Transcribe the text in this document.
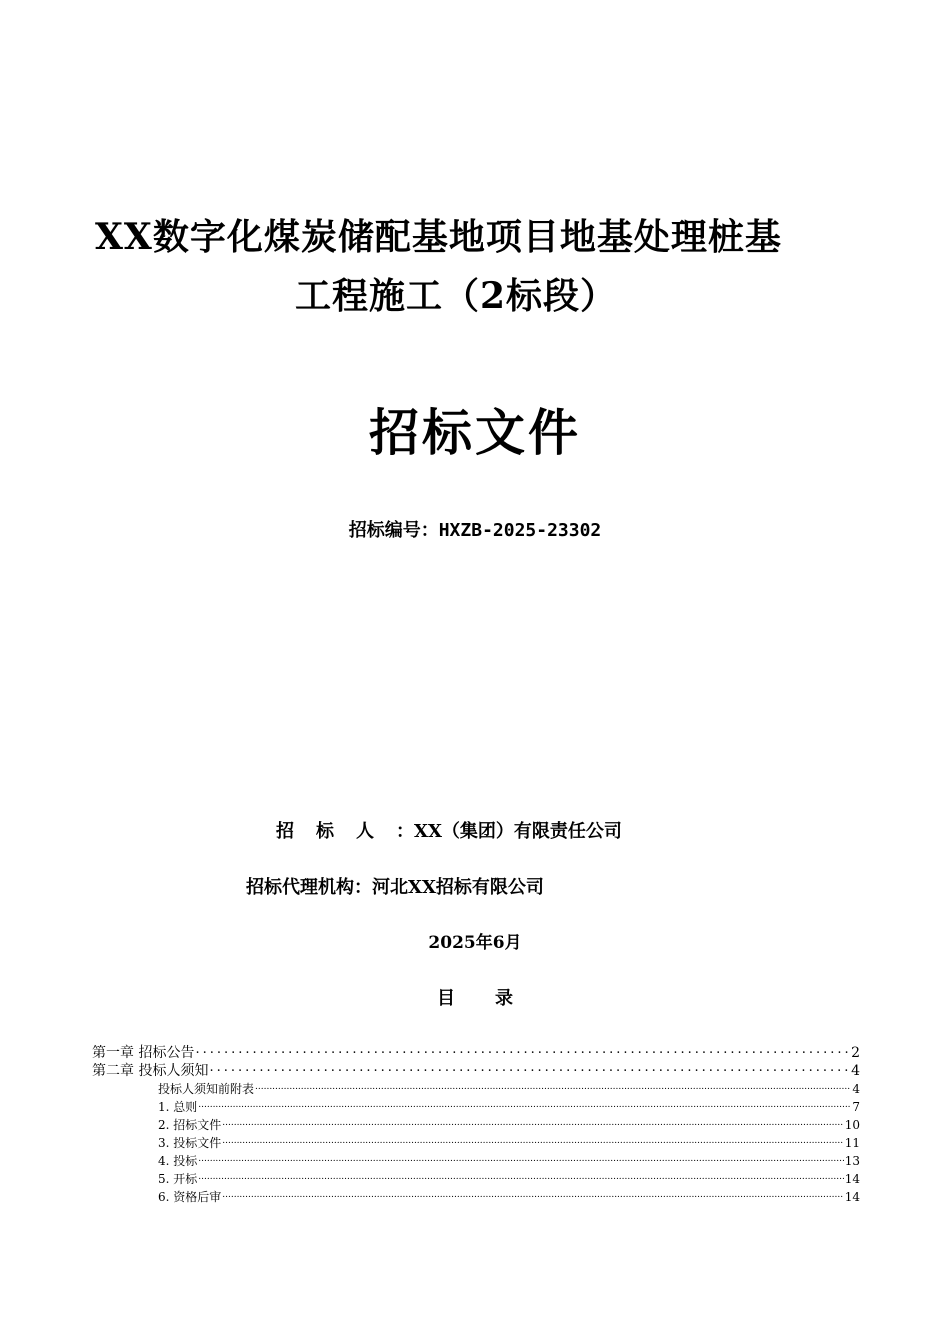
XX数字化煤炭储配基地项目地基处理桩基
工程施工（2标段）
招标文件
招标编号：HXZB-2025-23302
招标人：XX（集团）有限责任公司
招标代理机构：河北XX招标有限公司
2025年6月
目录
第一章 招标公告 .....	2
第二章 投标人须知 .....	4
投标人须知前附表 .....	4
1. 总则 .....	7
2. 招标文件 .....	10
3. 投标文件 .....	11
4. 投标 .....	13
5. 开标 .....	14
6. 资格后审 .....	14
